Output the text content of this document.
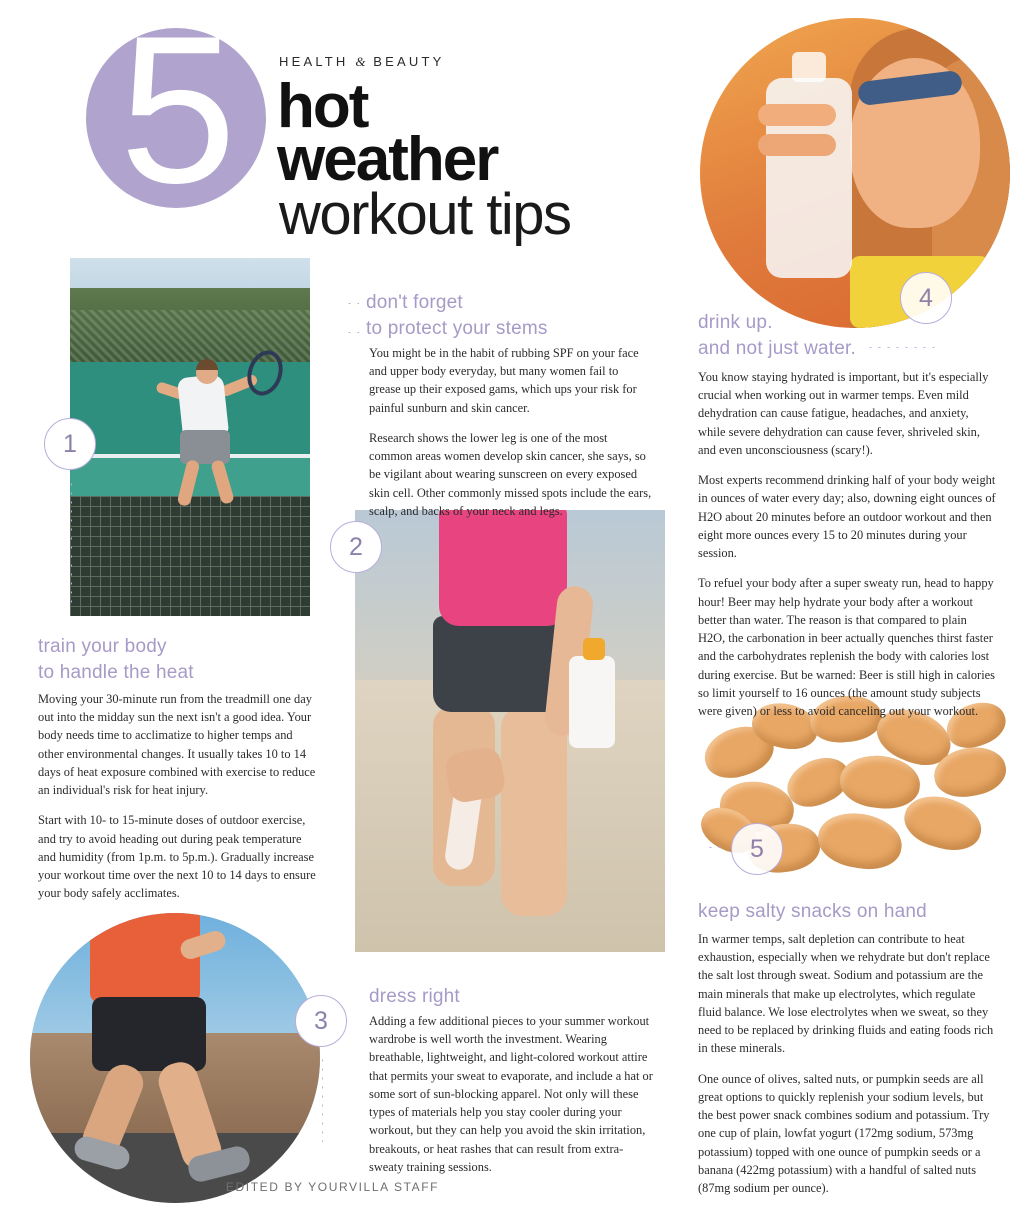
5	HEALTH & BEAUTY
hot
weather
workout tips
1
train your body
to handle the heat

Moving your 30-minute run from the treadmill one day out into the midday sun the next isn't a good idea. Your body needs time to acclimatize to higher temps and other environmental changes. It usually takes 10 to 14 days of heat exposure combined with exercise to reduce an individual's risk for heat injury.

Start with 10- to 15-minute doses of outdoor exercise, and try to avoid heading out during peak temperature and humidity (from 1p.m. to 5p.m.). Gradually increase your workout time over the next 10 to 14 days to ensure your body safely acclimates.

don't forget
to protect your stems

You might be in the habit of rubbing SPF on your face and upper body everyday, but many women fail to grease up their exposed gams, which ups your risk for painful sunburn and skin cancer.

Research shows the lower leg is one of the most common areas women develop skin cancer, she says, so be vigilant about wearing sunscreen on every exposed skin cell. Other commonly missed spots include the ears, scalp, and backs of your neck and legs.

2
3
dress right

Adding a few additional pieces to your summer workout wardrobe is well worth the investment. Wearing breathable, lightweight, and light-colored workout attire that permits your sweat to evaporate, and include a hat or some sort of sun-blocking apparel. Not only will these types of materials help you stay cooler during your workout, but they can help you avoid the skin irritation, breakouts, or heat rashes that can result from extra-sweaty training sessions.

4
drink up.
and not just water.

You know staying hydrated is important, but it's especially crucial when working out in warmer temps. Even mild dehydration can cause fatigue, headaches, and anxiety, while severe dehydration can cause fever, shriveled skin, and even unconsciousness (scary!).

Most experts recommend drinking half of your body weight in ounces of water every day; also, downing eight ounces of H2O about 20 minutes before an outdoor workout and then eight more ounces every 15 to 20 minutes during your session.

To refuel your body after a super sweaty run, head to happy hour! Beer may help hydrate your body after a workout better than water. The reason is that compared to plain H2O, the carbonation in beer actually quenches thirst faster and the carbohydrates replenish the body with calories lost during exercise. But be warned: Beer is still high in calories so limit yourself to 16 ounces (the amount study subjects were given) or less to avoid canceling out your workout.

5
keep salty snacks on hand

In warmer temps, salt depletion can contribute to heat exhaustion, especially when we rehydrate but don't replace the salt lost through sweat. Sodium and potassium are the main minerals that make up electrolytes, which regulate fluid balance. We lose electrolytes when we sweat, so they need to be replaced by drinking fluids and eating foods rich in these minerals.

One ounce of olives, salted nuts, or pumpkin seeds are all great options to quickly replenish your sodium levels, but the best power snack combines sodium and potassium. Try one cup of plain, lowfat yogurt (172mg sodium, 573mg potassium) topped with one ounce of pumpkin seeds or a banana (422mg potassium) with a handful of salted nuts (87mg sodium per ounce).

EDITED BY YOURVILLA STAFF
